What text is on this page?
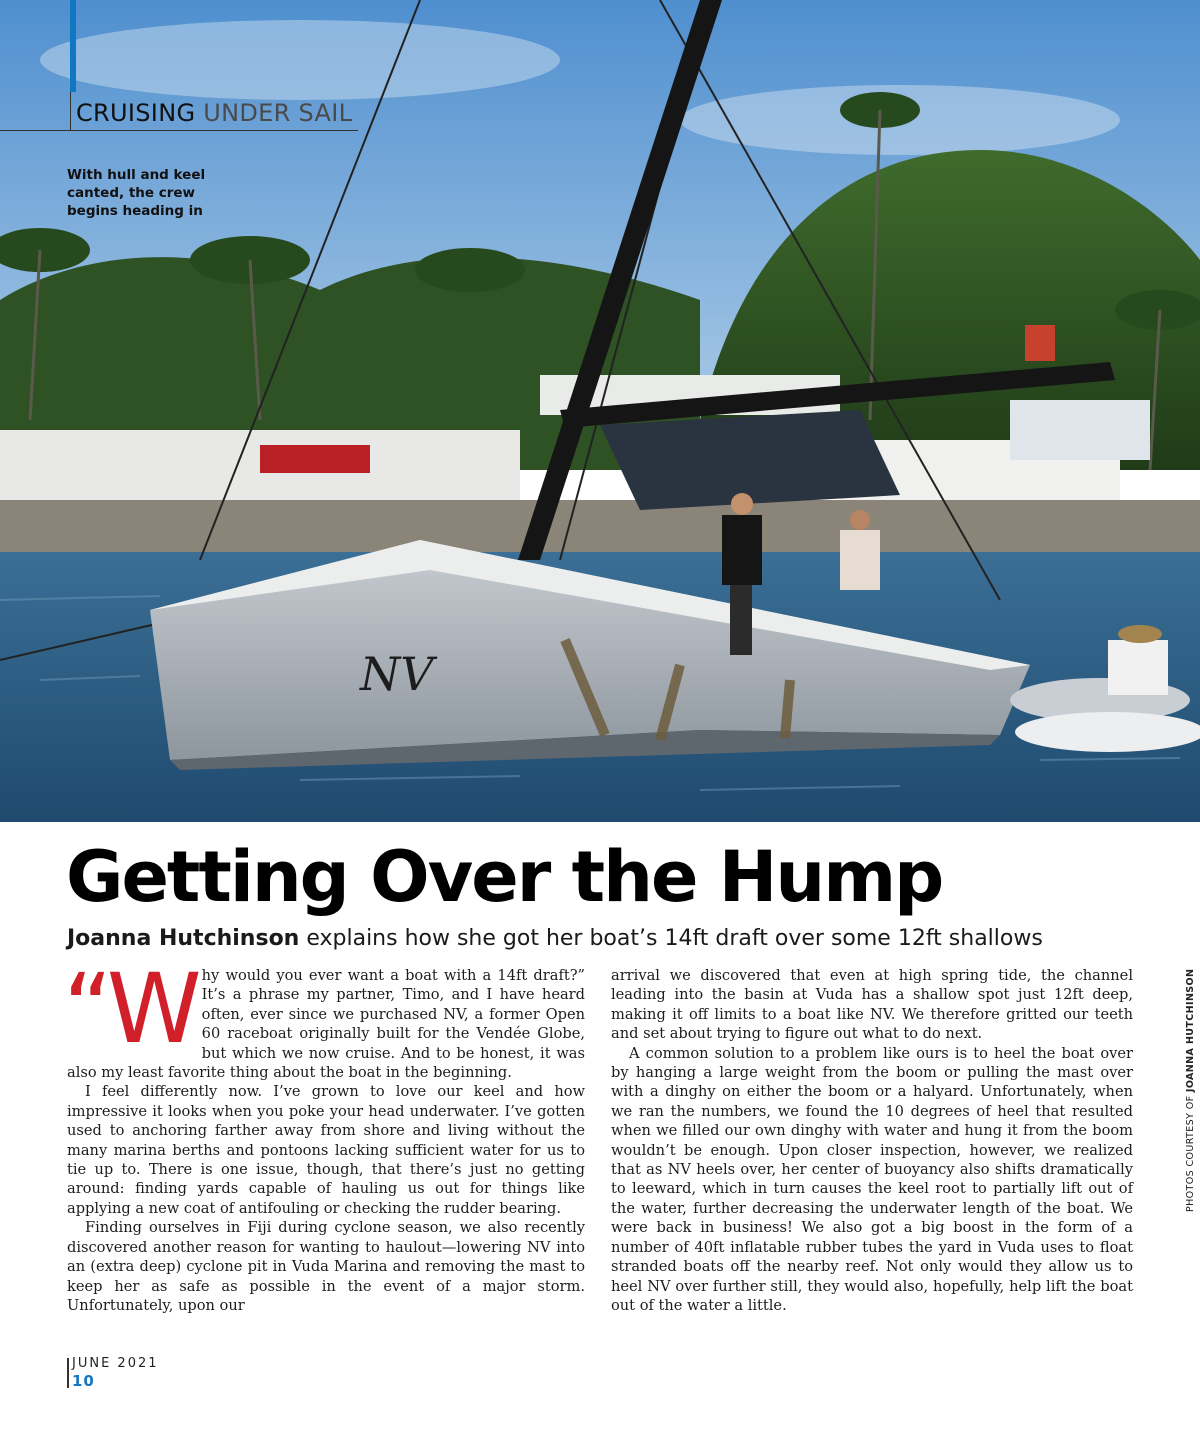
NV
CRUISING UNDER SAIL
With hull and keel canted, the crew begins heading in
Getting Over the Hump
Joanna Hutchinson explains how she got her boat’s 14ft draft over some 12ft shallows

“Why would you ever want a boat with a 14ft draft?” It’s a phrase my partner, Timo, and I have heard often, ever since we purchased NV, a former Open 60 raceboat originally built for the Vendée Globe, but which we now cruise. And to be honest, it was also my least favorite thing about the boat in the beginning.

I feel differently now. I’ve grown to love our keel and how impressive it looks when you poke your head underwater. I’ve gotten used to anchoring farther away from shore and living without the many marina berths and pontoons lacking sufficient water for us to tie up to. There is one issue, though, that there’s just no getting around: finding yards capable of hauling us out for things like applying a new coat of antifouling or checking the rudder bearing.

Finding ourselves in Fiji during cyclone season, we also recently discovered another reason for wanting to haulout—lowering NV into an (extra deep) cyclone pit in Vuda Marina and removing the mast to keep her as safe as possible in the event of a major storm. Unfortunately, upon our

arrival we discovered that even at high spring tide, the channel leading into the basin at Vuda has a shallow spot just 12ft deep, making it off limits to a boat like NV. We therefore gritted our teeth and set about trying to figure out what to do next.

A common solution to a problem like ours is to heel the boat over by hanging a large weight from the boom or pulling the mast over with a dinghy on either the boom or a halyard. Unfortunately, when we ran the numbers, we found the 10 degrees of heel that resulted when we filled our own dinghy with water and hung it from the boom wouldn’t be enough. Upon closer inspection, however, we realized that as NV heels over, her center of buoyancy also shifts dramatically to leeward, which in turn causes the keel root to partially lift out of the water, further decreasing the underwater length of the boat. We were back in business! We also got a big boost in the form of a number of 40ft inflatable rubber tubes the yard in Vuda uses to float stranded boats off the nearby reef. Not only would they allow us to heel NV over further still, they would also, hopefully, help lift the boat out of the water a little.

JUNE 2021
10
PHOTOS COURTESY OF JOANNA HUTCHINSON
